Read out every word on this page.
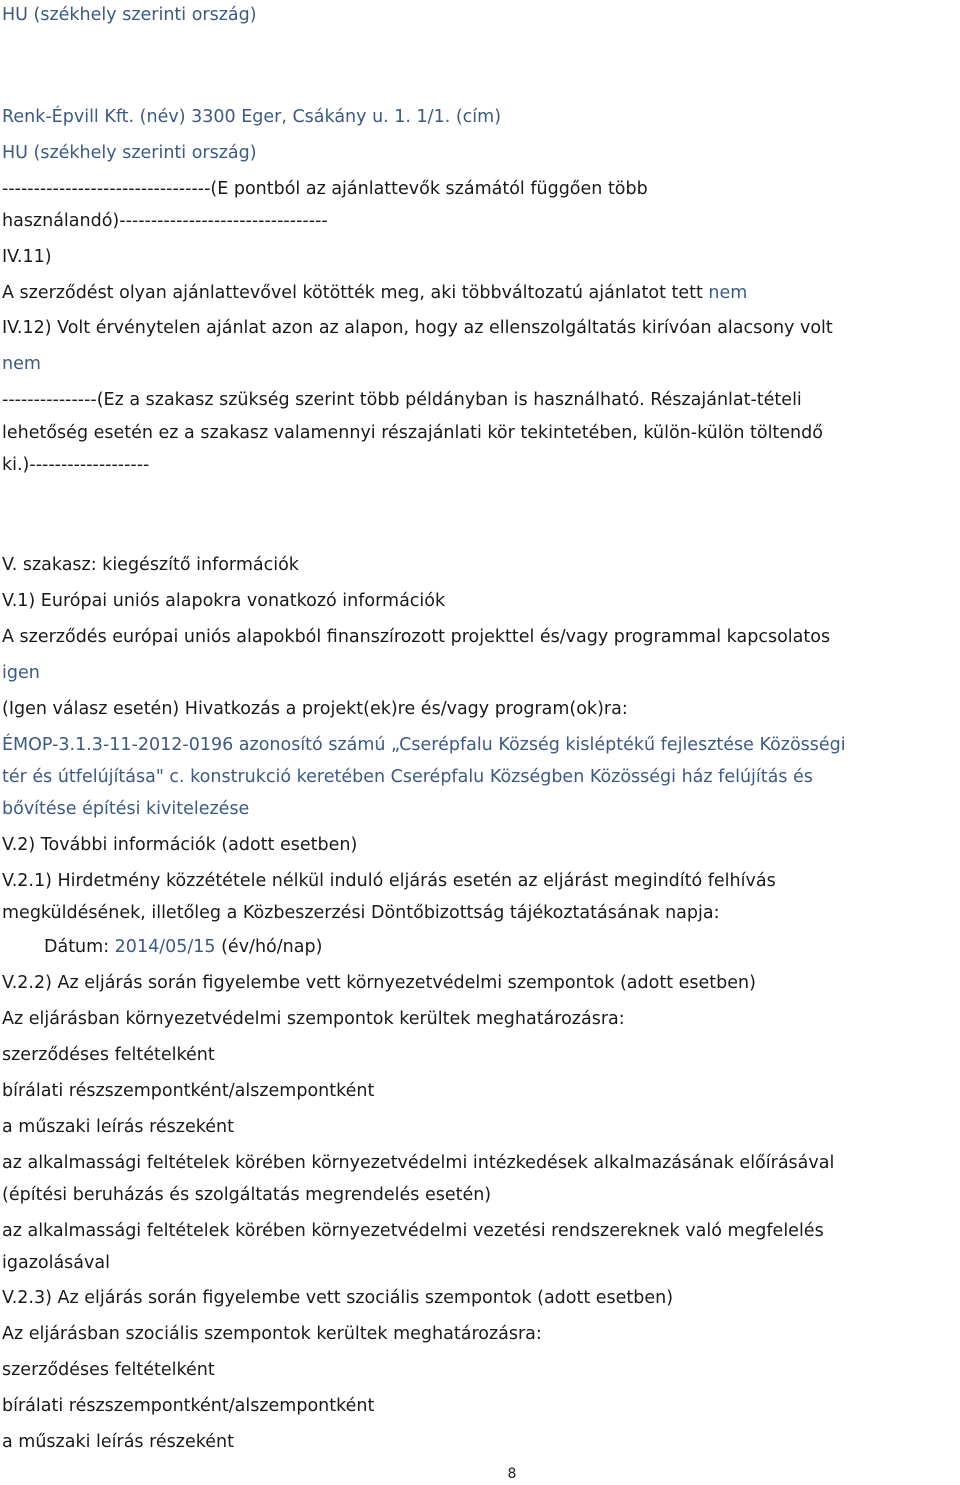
HU (székhely szerinti ország)
Renk-Épvill Kft. (név) 3300 Eger, Csákány u. 1. 1/1. (cím)
HU (székhely szerinti ország)
---------------------------------(E pontból az ajánlattevők számától függően több
használandó)---------------------------------
IV.11)
A szerződést olyan ajánlattevővel kötötték meg, aki többváltozatú ajánlatot tett nem
IV.12) Volt érvénytelen ajánlat azon az alapon, hogy az ellenszolgáltatás kirívóan alacsony volt
nem
---------------(Ez a szakasz szükség szerint több példányban is használható. Részajánlat-tételi
lehetőség esetén ez a szakasz valamennyi részajánlati kör tekintetében, külön-külön töltendő
ki.)-------------------
V. szakasz: kiegészítő információk
V.1) Európai uniós alapokra vonatkozó információk
A szerződés európai uniós alapokból finanszírozott projekttel és/vagy programmal kapcsolatos
igen
(Igen válasz esetén) Hivatkozás a projekt(ek)re és/vagy program(ok)ra:
ÉMOP-3.1.3-11-2012-0196 azonosító számú „Cserépfalu Község kisléptékű fejlesztése Közösségi
tér és útfelújítása" c. konstrukció keretében Cserépfalu Községben Közösségi ház felújítás és
bővítése építési kivitelezése
V.2) További információk (adott esetben)
V.2.1) Hirdetmény közzététele nélkül induló eljárás esetén az eljárást megindító felhívás
megküldésének, illetőleg a Közbeszerzési Döntőbizottság tájékoztatásának napja:
Dátum: 2014/05/15 (év/hó/nap)
V.2.2) Az eljárás során figyelembe vett környezetvédelmi szempontok (adott esetben)
Az eljárásban környezetvédelmi szempontok kerültek meghatározásra:
szerződéses feltételként
bírálati részszempontként/alszempontként
a műszaki leírás részeként
az alkalmassági feltételek körében környezetvédelmi intézkedések alkalmazásának előírásával
(építési beruházás és szolgáltatás megrendelés esetén)
az alkalmassági feltételek körében környezetvédelmi vezetési rendszereknek való megfelelés
igazolásával
V.2.3) Az eljárás során figyelembe vett szociális szempontok (adott esetben)
Az eljárásban szociális szempontok kerültek meghatározásra:
szerződéses feltételként
bírálati részszempontként/alszempontként
a műszaki leírás részeként
8
